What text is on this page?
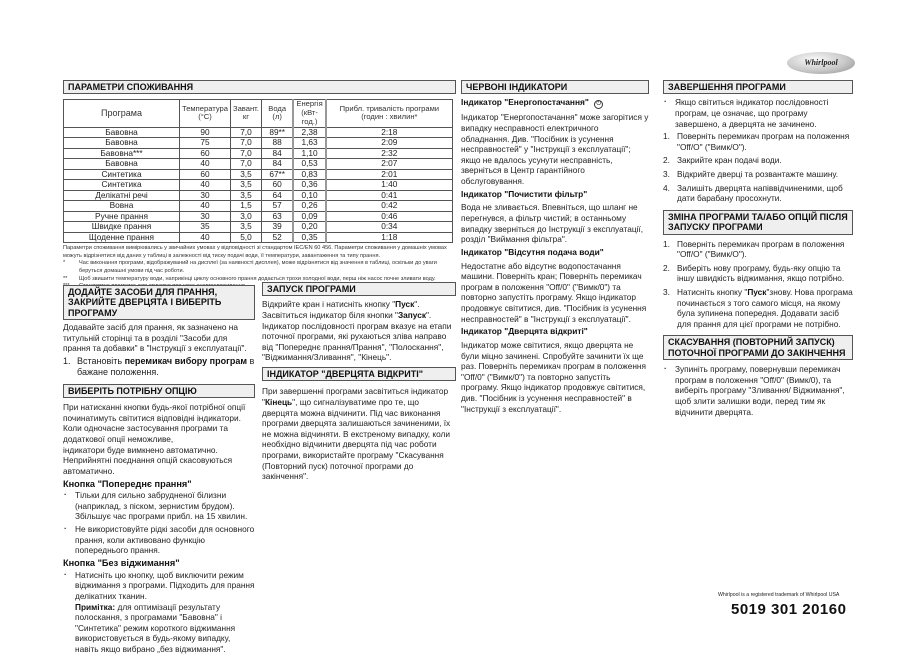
Whirlpool
ПАРАМЕТРИ СПОЖИВАННЯ
Програма	Температура
(°C)	Завант.
кг	Вода
(л)	Енергія
(кВт-
год.)	Прибл. тривалість програми
(годин : хвилин*
Бавовна	90	7,0	89**	2,38	2:18
Бавовна	75	7,0	88	1,63	2:09
Бавовна***	60	7,0	84	1,10	2:32
Бавовна	40	7,0	84	0,53	2:07
Синтетика	60	3,5	67**	0,83	2:01
Синтетика	40	3,5	60	0,36	1:40
Делікатні речі	30	3,5	64	0,10	0:41
Вовна	40	1,5	57	0,26	0:42
Ручне прання	30	3,0	63	0,09	0:46
Швидке прання	35	3,5	39	0,20	0:34
Щоденне прання	40	5,0	52	0,35	1:18
Параметри споживання вимірювались у звичайних умовах у відповідності зі стандартом IEC/EN 60 456. Параметри споживання у домашніх умовах можуть відрізнятися від даних у таблиці в залежності від тиску подачі води, її температури, завантаження та типу прання.
*	Час виконання програми, відображуваний на дисплеї (за наявності дисплея), може відрізнятися від значення в таблиці, оскільки до уваги беруться домашні умови під час роботи.
**	Щоб звишити температуру води, наприкінці циклу основного прання додається трохи холодної води, перш ніж насос почне зливати воду.
ДОДАЙТЕ ЗАСОБИ ДЛЯ ПРАННЯ, ЗАКРИЙТЕ ДВЕРЦЯТА І ВИБЕРІТЬ ПРОГРАМУ

Додавайте засіб для прання, як зазначено на титульній сторінці та в розділі "Засоби для прання та добавки" в "Інструкції з експлуатації".

1. Встановіть перемикач вибору програм в бажане положення.
ВИБЕРІТЬ ПОТРІБНУ ОПЦІЮ

При натисканні кнопки будь-якої потрібної опції починатимуть світитися відповідні індикатори. Коли одночасне застосування програми та додаткової опції неможливе,

індикатори буде вимкнено автоматично. Неприйнятні поєднання опцій скасовуються автоматично.

Кнопка "Попереднє прання"
· Тільки для сильно забрудненої білизни (наприклад, з піском, зернистим брудом). Збільшує час програми прибл. на 15 хвилин.
· Не використовуйте рідкі засоби для основного прання, коли активовано функцію попереднього прання.
Кнопка "Без віджимання"
· Натисніть цю кнопку, щоб виключити режим віджимання з програми. Підходить для прання делікатних тканин.
Примітка: для оптимізації результату полоскання, з програмами "Бавовна" і "Синтетика" режим короткого віджимання використовується в будь-якому випадку, навіть якщо вибрано „без віджимання".
ЗАПУСК ПРОГРАМИ

Відкрийте кран і натисніть кнопку "Пуск". Засвітиться індикатор біля кнопки "Запуск". Індикатор послідовності програм вказує на етапи поточної програми, які рухаються зліва направо від "Попереднє прання/Прання", "Полоскання", "Віджимання/Зливання", "Кінець".

ІНДИКАТОР "ДВЕРЦЯТА ВІДКРИТІ"

При завершенні програми засвітиться індикатор "Кінець", що сигналізуватиме про те, що дверцята можна відчинити. Під час виконання програми дверцята залишаються зачиненими, їх не можна відчиняти. В екстреному випадку, коли необхідно відчинити дверцята під час роботи програми, використайте програму "Скасування (Повторний пуск) поточної програми до закінчення".

ЧЕРВОНІ ІНДИКАТОРИ
Індикатор "Енергопостачання" ⏻

Індикатор "Енергопостачання" може загорітися у випадку несправності електричного обладнання. Див. "Посібник із усунення несправностей" у "Інструкції з експлуатації"; якщо не вдалось усунути несправність, зверніться в Центр гарантійного обслуговування.

Індикатор "Почистити фільтр"

Вода не зливається. Впевніться, що шланг не перегнувся, а фільтр чистий; в останньому випадку зверніться до Інструкції з експлуатації, розділ "Виймання фільтра".

Індикатор "Відсутня подача води"

Недостатнє або відсутнє водопостачання машини. Поверніть кран; Поверніть перемикач програм в положення "Off/0" ("Вимк/0") та повторно запустіть програму. Якщо індикатор продовжує світитися, див. "Посібник із усунення несправностей" в "Інструкції з експлуатації".

Індикатор "Дверцята відкриті"

Індикатор може світитися, якщо дверцята не були міцно зачинені. Спробуйте зачинити їх ще раз. Поверніть перемикач програм в положення "Off/0" ("Вимк/0") та повторно запустіть програму. Якщо індикатор продовжує світитися, див. "Посібник із усунення несправностей" в "Інструкції з експлуатації".

ЗАВЕРШЕННЯ ПРОГРАМИ
· Якщо світиться індикатор послідовності програм, це означає, що програму завершено, а дверцята не зачинено.
1. Поверніть перемикач програм на положення "Off/O" ("Вимк/O").
2. Закрийте кран подачі води.
3. Відкрийте дверці та розвантажте машину.
4. Залишіть дверцята напіввідчиненими, щоб дати барабану просохнути.
ЗМІНА ПРОГРАМИ ТА/АБО ОПЦІЙ ПІСЛЯ ЗАПУСКУ ПРОГРАМИ
1. Поверніть перемикач програм в положення "Off/O" ("Вимк/O").
2. Виберіть нову програму, будь-яку опцію та іншу швидкість віджимання, якщо потрібно.
3. Натисніть кнопку "Пуск"знову. Нова програма починається з того самого місця, на якому була зупинена попередня. Додавати засіб для прання для цієї програми не потрібно.
СКАСУВАННЯ (ПОВТОРНИЙ ЗАПУСК) ПОТОЧНОЇ ПРОГРАМИ ДО ЗАКІНЧЕННЯ
· Зупиніть програму, повернувши перемикач програм в положення "Off/0" (Вимк/0), та виберіть програму "Зливання/ Віджимання", щоб злити залишки води, перед тим як відчинити дверцята.
Whirlpool is a registered trademark of Whirlpool USA
5019 301 20160
